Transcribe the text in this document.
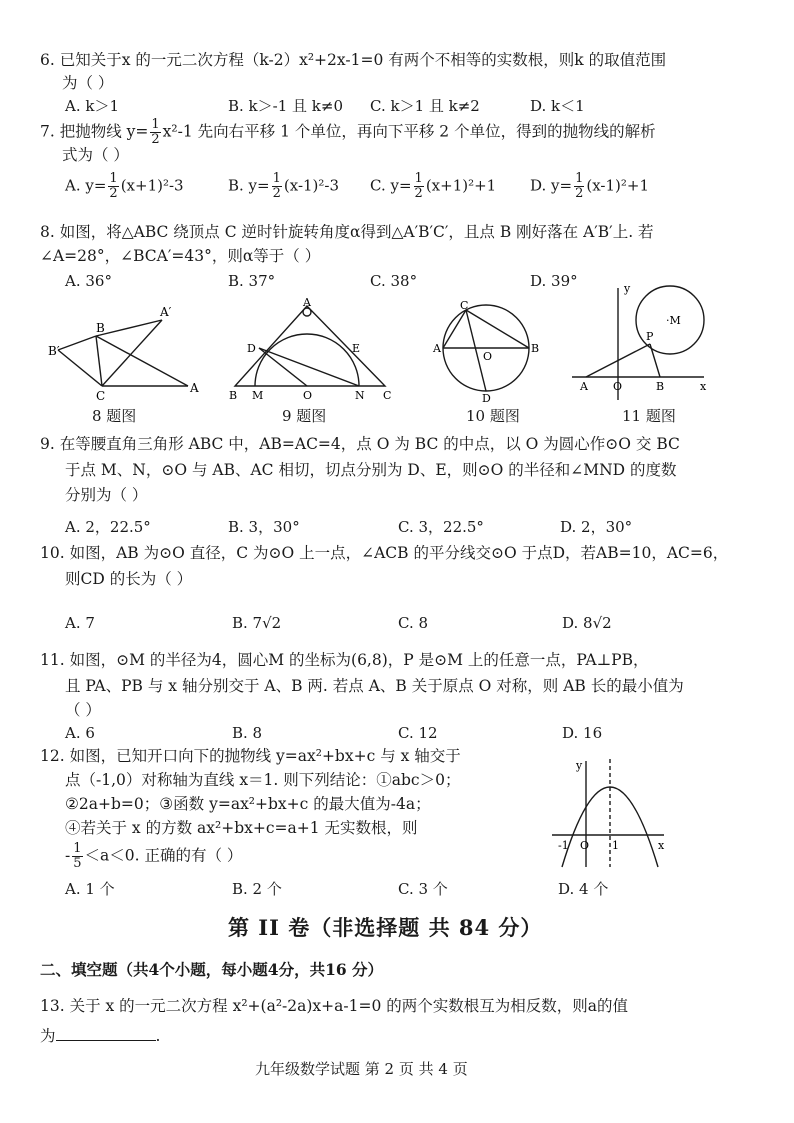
6. 已知关于x 的一元二次方程（k-2）x²+2x-1=0 有两个不相等的实数根，则k 的取值范围
为（ ）
A. k＞1	B. k＞-1 且 k≠0 C. k＞1 且 k≠2	D. k＜1
7. 把抛物线 $y= \frac{1}{2} x^2-1$ 先向右平移 1 个单位，再向下平移 2 个单位，得到的抛物线的解析
式为（ ）
A. $y= \frac{1}{2} (x+1)^2-3$	B. $y= \frac{1}{2} (x-1)^2-3$ C. $y= \frac{1}{2} (x+1)^2+1$ D. $y= \frac{1}{2} (x-1)^2+1$
8. 如图，将△ABC 绕顶点 C 逆时针旋转角度α得到△A′B′C′，且点 B 刚好落在 A′B′上. 若
∠A=28°，∠BCA′=43°，则α等于（ ）
A. 36°	B. 37°	C. 38°	D. 39°
B
A′
B′
C
A
8 题图
A
D	E
B M	O	N C
9 题图
C
A
O
B
D
10 题图
y
·M
P
A O	B	x
11 题图
9. 在等腰直角三角形 ABC 中，AB=AC=4，点 O 为 BC 的中点，以 O 为圆心作⊙O 交 BC
于点 M、N，⊙O 与 AB、AC 相切，切点分别为 D、E，则⊙O 的半径和∠MND 的度数
分别为（ ）
A. 2，22.5°	B. 3，30°	C. 3，22.5°	D. 2，30°
10. 如图，AB 为⊙O 直径，C 为⊙O 上一点，∠ACB 的平分线交⊙O 于点D，若AB=10，AC=6，
则CD 的长为（ ）
A. 7	B. 7√2	C. 8	D. 8√2
11. 如图，⊙M 的半径为4，圆心M 的坐标为(6,8)，P 是⊙M 上的任意一点，PA⊥PB，
且 PA、PB 与 x 轴分别交于 A、B 两. 若点 A、B 关于原点 O 对称，则 AB 长的最小值为
（ ）
A. 6	B. 8	C. 12	D. 16
12. 如图，已知开口向下的抛物线 y=ax²+bx+c 与 x 轴交于
点（-1,0）对称轴为直线 x＝1. 则下列结论：①abc＞0；
②2a+b=0；③函数 y=ax²+bx+c 的最大值为-4a；
④若关于 x 的方数 ax²+bx+c=a+1 无实数根，则
- $\frac{1}{5} <a<0$. 正确的有（ ）
A. 1 个	B. 2 个	C. 3 个	D. 4 个
y
-1 O 1	x
第 II 卷（非选择题 共 84 分）
二、填空题（共4个小题，每小题4分，共16 分）
13. 关于 x 的一元二次方程 x²+(a²-2a)x+a-1=0 的两个实数根互为相反数，则a的值
为	.
九年级数学试题 第 2 页 共 4 页
